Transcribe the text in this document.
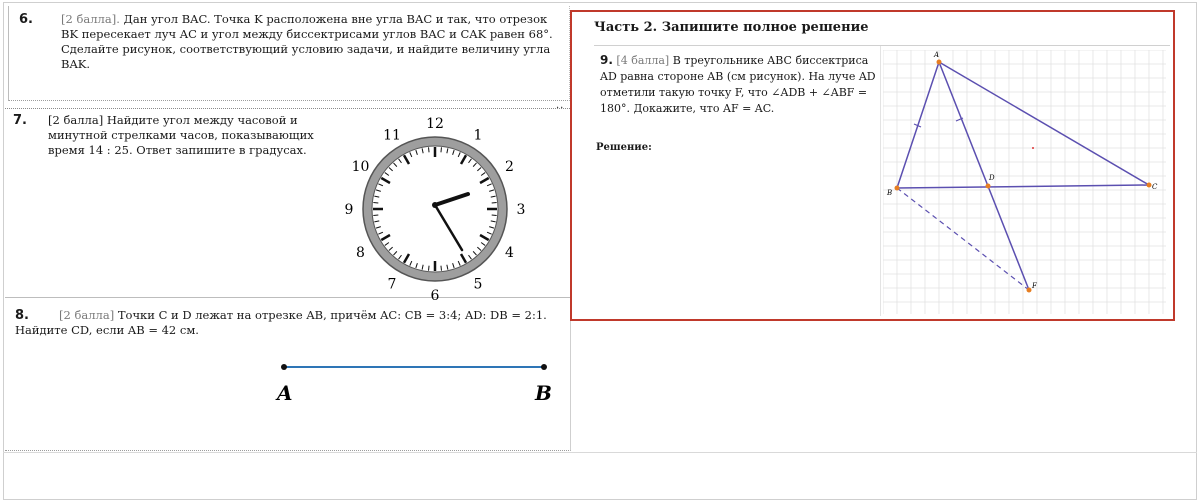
6. [2 балла]. Дан угол BAC. Точка K расположена вне угла BAC и так, что отрезок BK пересекает луч AC и угол между биссектрисами углов BAC и CAK равен 68°. Сделайте рисунок, соответствующий условию задачи, и найдите величину угла BAK.
..
7. [2 балла] Найдите угол между часовой и минутной стрелками часов, показывающих время 14 : 25. Ответ запишите в градусах.
12
1
2
3
4
5
6
7
8
9
10
11
8.	[2 балла] Точки C и D лежат на отрезке AB, причём AC: CB = 3:4; AD: DB = 2:1. Найдите CD, если AB = 42 см.
A	B
Часть 2. Запишите полное решение
9. [4 балла] В треугольнике ABC биссектриса AD равна стороне AB (см рисунок). На луче AD отметили такую точку F, что ∠ADB + ∠ABF = 180°. Докажите, что AF = AC.
Решение:
A
B
C
D
F
